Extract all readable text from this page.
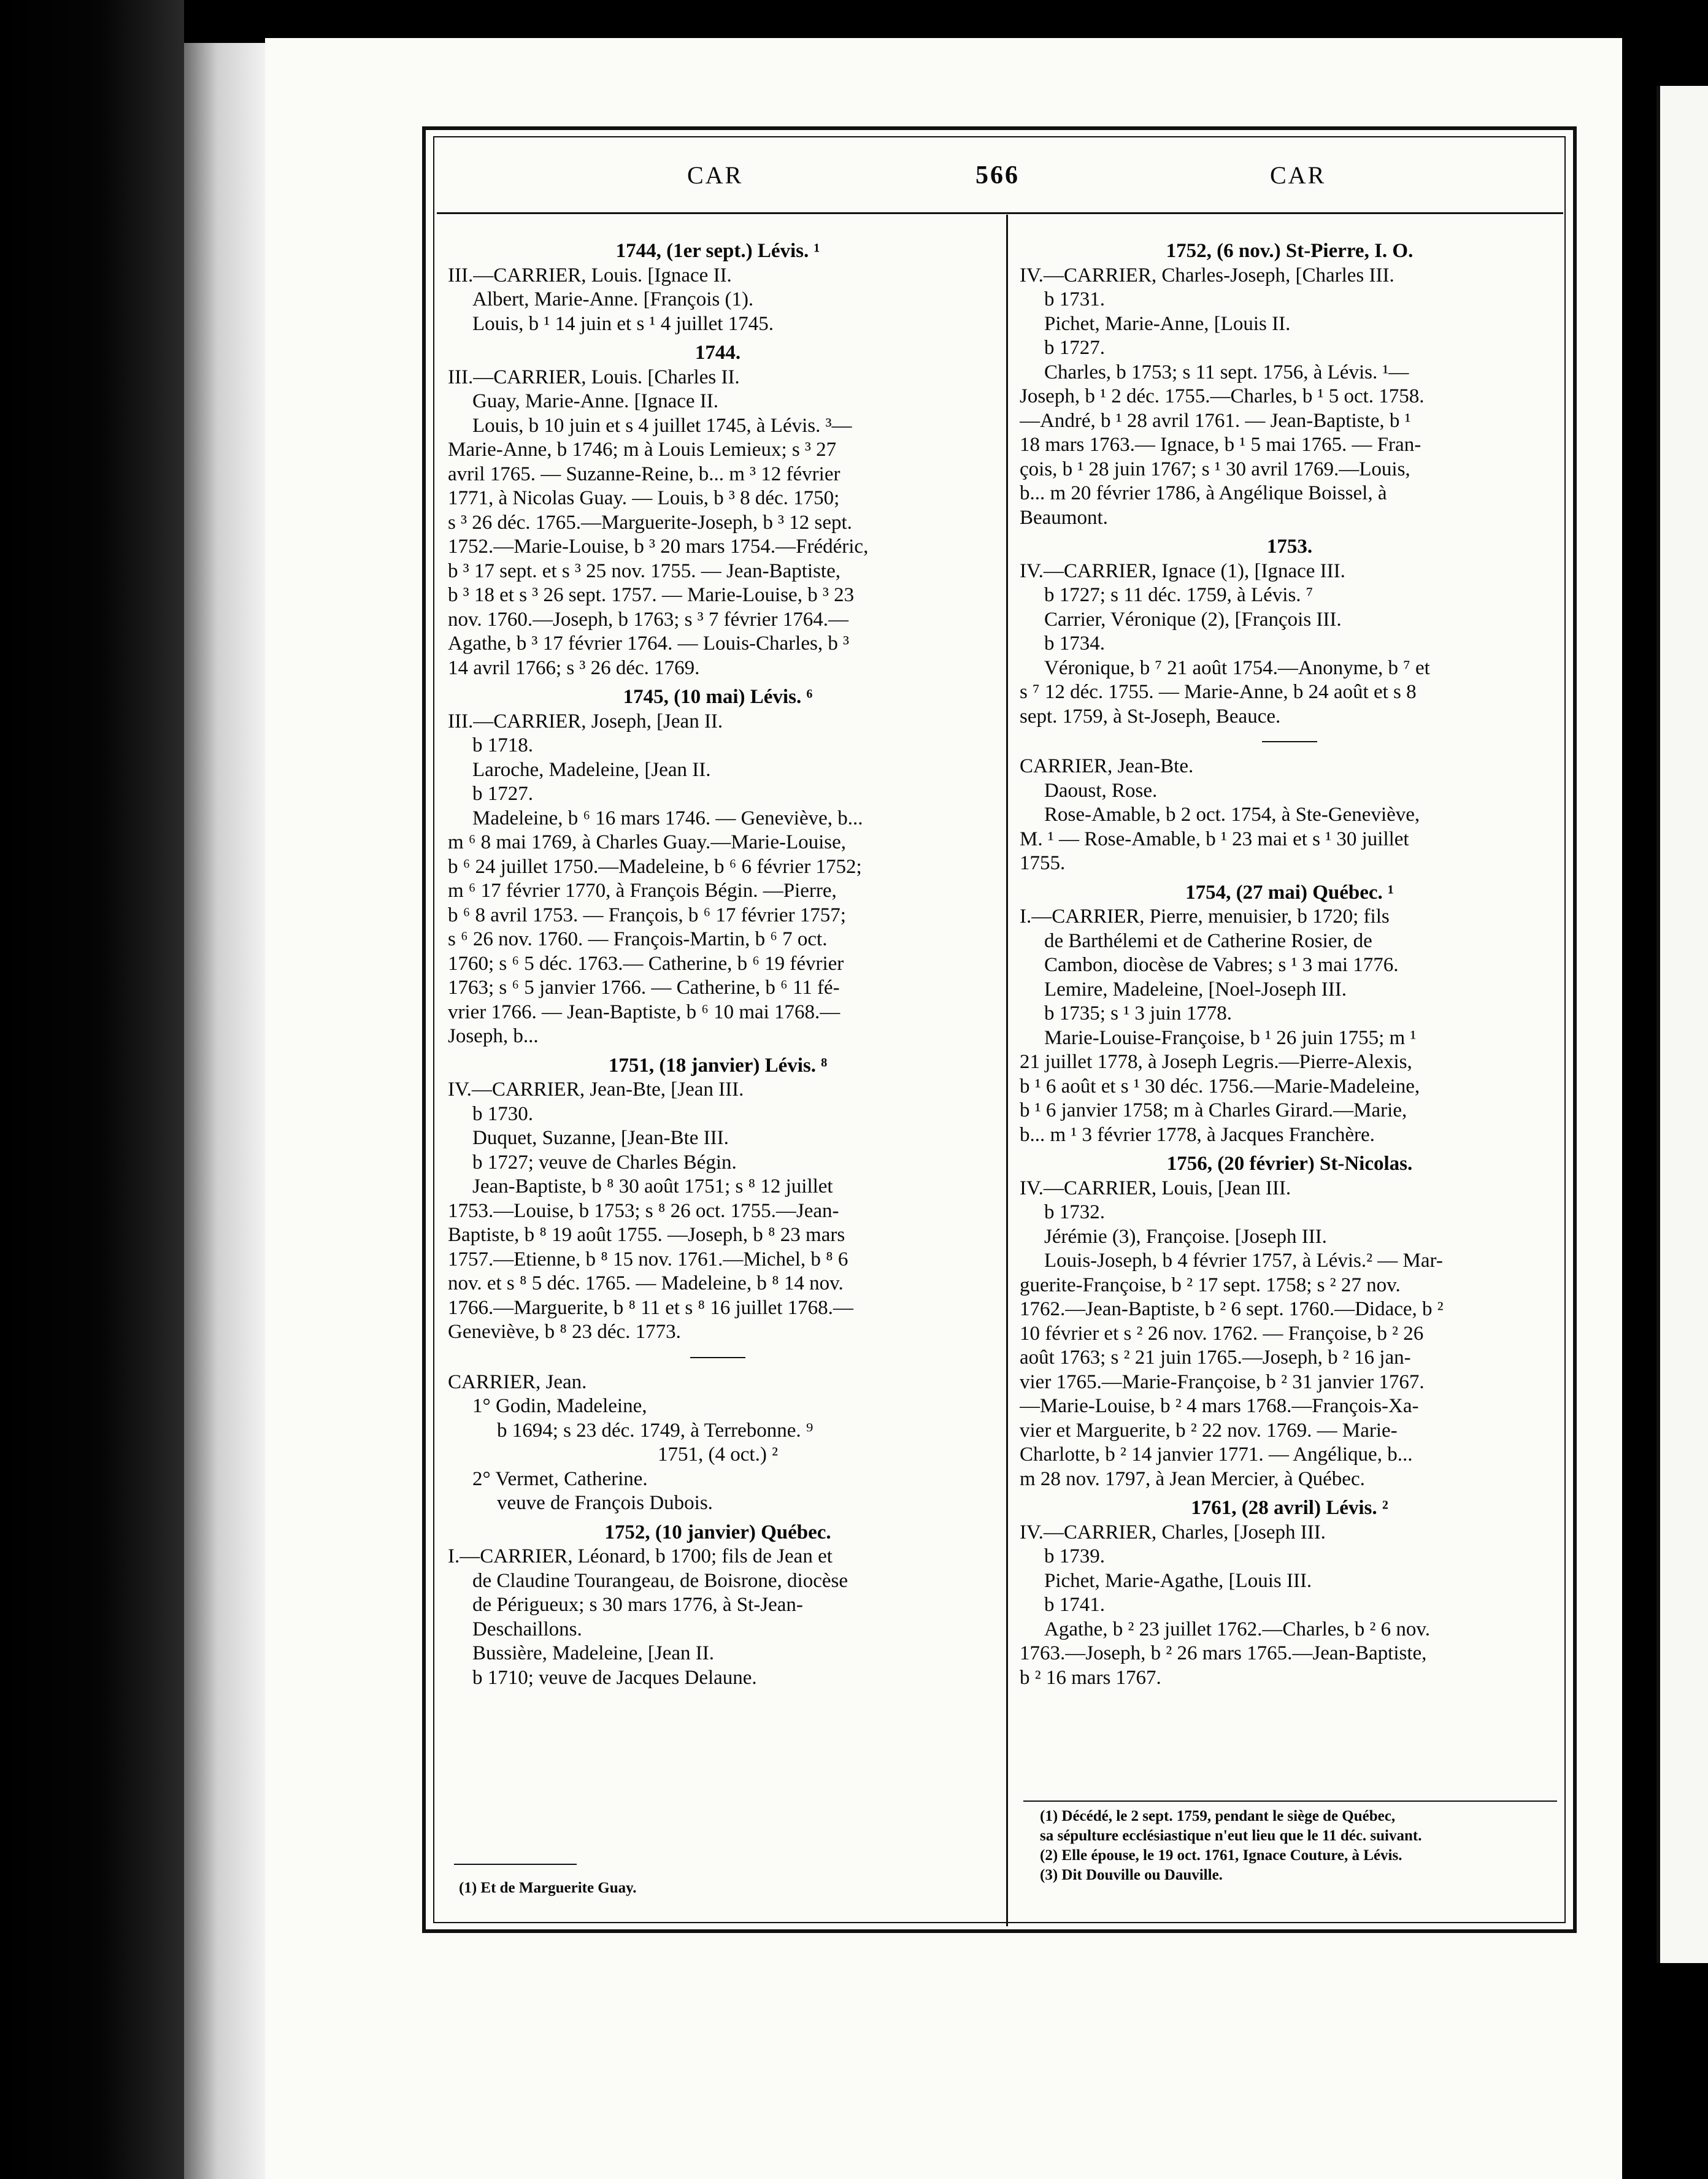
CAR	566	CAR
1744, (1er sept.) Lévis. ¹
III.—CARRIER, Louis. [Ignace II.
Albert, Marie-Anne. [François (1).
Louis, b ¹ 14 juin et s ¹ 4 juillet 1745.
1744.
III.—CARRIER, Louis. [Charles II.
Guay, Marie-Anne. [Ignace II.
Louis, b 10 juin et s 4 juillet 1745, à Lévis. ³—
Marie-Anne, b 1746; m à Louis Lemieux; s ³ 27
avril 1765. — Suzanne-Reine, b... m ³ 12 février
1771, à Nicolas Guay. — Louis, b ³ 8 déc. 1750;
s ³ 26 déc. 1765.—Marguerite-Joseph, b ³ 12 sept.
1752.—Marie-Louise, b ³ 20 mars 1754.—Frédéric,
b ³ 17 sept. et s ³ 25 nov. 1755. — Jean-Baptiste,
b ³ 18 et s ³ 26 sept. 1757. — Marie-Louise, b ³ 23
nov. 1760.—Joseph, b 1763; s ³ 7 février 1764.—
Agathe, b ³ 17 février 1764. — Louis-Charles, b ³
14 avril 1766; s ³ 26 déc. 1769.
1745, (10 mai) Lévis. ⁶
III.—CARRIER, Joseph, [Jean II.
b 1718.
Laroche, Madeleine, [Jean II.
b 1727.
Madeleine, b ⁶ 16 mars 1746. — Geneviève, b...
m ⁶ 8 mai 1769, à Charles Guay.—Marie-Louise,
b ⁶ 24 juillet 1750.—Madeleine, b ⁶ 6 février 1752;
m ⁶ 17 février 1770, à François Bégin. —Pierre,
b ⁶ 8 avril 1753. — François, b ⁶ 17 février 1757;
s ⁶ 26 nov. 1760. — François-Martin, b ⁶ 7 oct.
1760; s ⁶ 5 déc. 1763.— Catherine, b ⁶ 19 février
1763; s ⁶ 5 janvier 1766. — Catherine, b ⁶ 11 fé-
vrier 1766. — Jean-Baptiste, b ⁶ 10 mai 1768.—
Joseph, b...
1751, (18 janvier) Lévis. ⁸
IV.—CARRIER, Jean-Bte, [Jean III.
b 1730.
Duquet, Suzanne, [Jean-Bte III.
b 1727; veuve de Charles Bégin.
Jean-Baptiste, b ⁸ 30 août 1751; s ⁸ 12 juillet
1753.—Louise, b 1753; s ⁸ 26 oct. 1755.—Jean-
Baptiste, b ⁸ 19 août 1755. —Joseph, b ⁸ 23 mars
1757.—Etienne, b ⁸ 15 nov. 1761.—Michel, b ⁸ 6
nov. et s ⁸ 5 déc. 1765. — Madeleine, b ⁸ 14 nov.
1766.—Marguerite, b ⁸ 11 et s ⁸ 16 juillet 1768.—
Geneviève, b ⁸ 23 déc. 1773.
CARRIER, Jean.
1° Godin, Madeleine,
b 1694; s 23 déc. 1749, à Terrebonne. ⁹
1751, (4 oct.) ²
2° Vermet, Catherine.
veuve de François Dubois.
1752, (10 janvier) Québec.
I.—CARRIER, Léonard, b 1700; fils de Jean et
de Claudine Tourangeau, de Boisrone, diocèse
de Périgueux; s 30 mars 1776, à St-Jean-
Deschaillons.
Bussière, Madeleine, [Jean II.
b 1710; veuve de Jacques Delaune.
1752, (6 nov.) St-Pierre, I. O.
IV.—CARRIER, Charles-Joseph, [Charles III.
b 1731.
Pichet, Marie-Anne, [Louis II.
b 1727.
Charles, b 1753; s 11 sept. 1756, à Lévis. ¹—
Joseph, b ¹ 2 déc. 1755.—Charles, b ¹ 5 oct. 1758.
—André, b ¹ 28 avril 1761. — Jean-Baptiste, b ¹
18 mars 1763.— Ignace, b ¹ 5 mai 1765. — Fran-
çois, b ¹ 28 juin 1767; s ¹ 30 avril 1769.—Louis,
b... m 20 février 1786, à Angélique Boissel, à
Beaumont.
1753.
IV.—CARRIER, Ignace (1), [Ignace III.
b 1727; s 11 déc. 1759, à Lévis. ⁷
Carrier, Véronique (2), [François III.
b 1734.
Véronique, b ⁷ 21 août 1754.—Anonyme, b ⁷ et
s ⁷ 12 déc. 1755. — Marie-Anne, b 24 août et s 8
sept. 1759, à St-Joseph, Beauce.
CARRIER, Jean-Bte.
Daoust, Rose.
Rose-Amable, b 2 oct. 1754, à Ste-Geneviève,
M. ¹ — Rose-Amable, b ¹ 23 mai et s ¹ 30 juillet
1755.
1754, (27 mai) Québec. ¹
I.—CARRIER, Pierre, menuisier, b 1720; fils
de Barthélemi et de Catherine Rosier, de
Cambon, diocèse de Vabres; s ¹ 3 mai 1776.
Lemire, Madeleine, [Noel-Joseph III.
b 1735; s ¹ 3 juin 1778.
Marie-Louise-Françoise, b ¹ 26 juin 1755; m ¹
21 juillet 1778, à Joseph Legris.—Pierre-Alexis,
b ¹ 6 août et s ¹ 30 déc. 1756.—Marie-Madeleine,
b ¹ 6 janvier 1758; m à Charles Girard.—Marie,
b... m ¹ 3 février 1778, à Jacques Franchère.
1756, (20 février) St-Nicolas.
IV.—CARRIER, Louis, [Jean III.
b 1732.
Jérémie (3), Françoise. [Joseph III.
Louis-Joseph, b 4 février 1757, à Lévis.² — Mar-
guerite-Françoise, b ² 17 sept. 1758; s ² 27 nov.
1762.—Jean-Baptiste, b ² 6 sept. 1760.—Didace, b ²
10 février et s ² 26 nov. 1762. — Françoise, b ² 26
août 1763; s ² 21 juin 1765.—Joseph, b ² 16 jan-
vier 1765.—Marie-Françoise, b ² 31 janvier 1767.
—Marie-Louise, b ² 4 mars 1768.—François-Xa-
vier et Marguerite, b ² 22 nov. 1769. — Marie-
Charlotte, b ² 14 janvier 1771. — Angélique, b...
m 28 nov. 1797, à Jean Mercier, à Québec.
1761, (28 avril) Lévis. ²
IV.—CARRIER, Charles, [Joseph III.
b 1739.
Pichet, Marie-Agathe, [Louis III.
b 1741.
Agathe, b ² 23 juillet 1762.—Charles, b ² 6 nov.
1763.—Joseph, b ² 26 mars 1765.—Jean-Baptiste,
b ² 16 mars 1767.
(1) Et de Marguerite Guay.
(1) Décédé, le 2 sept. 1759, pendant le siège de Québec,
sa sépulture ecclésiastique n'eut lieu que le 11 déc. suivant.
(2) Elle épouse, le 19 oct. 1761, Ignace Couture, à Lévis.
(3) Dit Douville ou Dauville.
